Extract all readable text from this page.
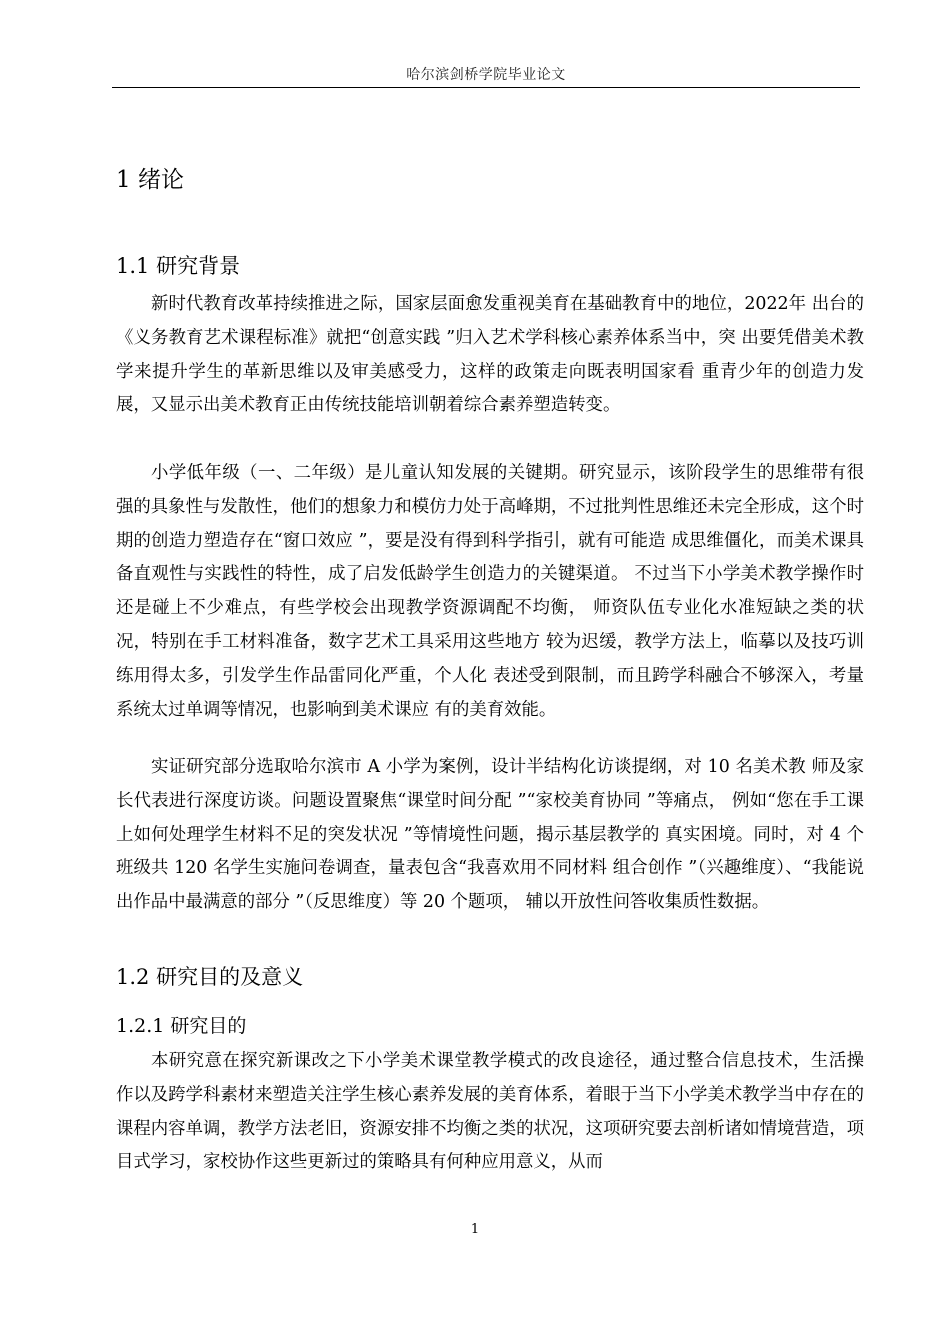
哈尔滨剑桥学院毕业论文
1 绪论
1.1 研究背景

新时代教育改革持续推进之际，国家层面愈发重视美育在基础教育中的地位，2022年 出台的《义务教育艺术课程标准》就把“创意实践 ”归入艺术学科核心素养体系当中，突 出要凭借美术教学来提升学生的革新思维以及审美感受力，这样的政策走向既表明国家看 重青少年的创造力发展，又显示出美术教育正由传统技能培训朝着综合素养塑造转变。

小学低年级（一、二年级）是儿童认知发展的关键期。研究显示，该阶段学生的思维带有很强的具象性与发散性，他们的想象力和模仿力处于高峰期，不过批判性思维还未完全形成，这个时期的创造力塑造存在“窗口效应 ”，要是没有得到科学指引，就有可能造 成思维僵化，而美术课具备直观性与实践性的特性，成了启发低龄学生创造力的关键渠道。 不过当下小学美术教学操作时还是碰上不少难点，有些学校会出现教学资源调配不均衡， 师资队伍专业化水准短缺之类的状况，特别在手工材料准备，数字艺术工具采用这些地方 较为迟缓，教学方法上，临摹以及技巧训练用得太多，引发学生作品雷同化严重，个人化 表述受到限制，而且跨学科融合不够深入，考量系统太过单调等情况，也影响到美术课应 有的美育效能。

实证研究部分选取哈尔滨市 A 小学为案例，设计半结构化访谈提纲，对 10 名美术教 师及家长代表进行深度访谈。问题设置聚焦“课堂时间分配 ”“家校美育协同 ”等痛点， 例如“您在手工课上如何处理学生材料不足的突发状况 ”等情境性问题，揭示基层教学的 真实困境。同时，对 4 个班级共 120 名学生实施问卷调查，量表包含“我喜欢用不同材料 组合创作 ”（兴趣维度）、“我能说出作品中最满意的部分 ”（反思维度）等 20 个题项， 辅以开放性问答收集质性数据。

1.2 研究目的及意义
1.2.1 研究目的

本研究意在探究新课改之下小学美术课堂教学模式的改良途径，通过整合信息技术，生活操作以及跨学科素材来塑造关注学生核心素养发展的美育体系，着眼于当下小学美术教学当中存在的课程内容单调，教学方法老旧，资源安排不均衡之类的状况，这项研究要去剖析诸如情境营造，项目式学习，家校协作这些更新过的策略具有何种应用意义，从而

1
